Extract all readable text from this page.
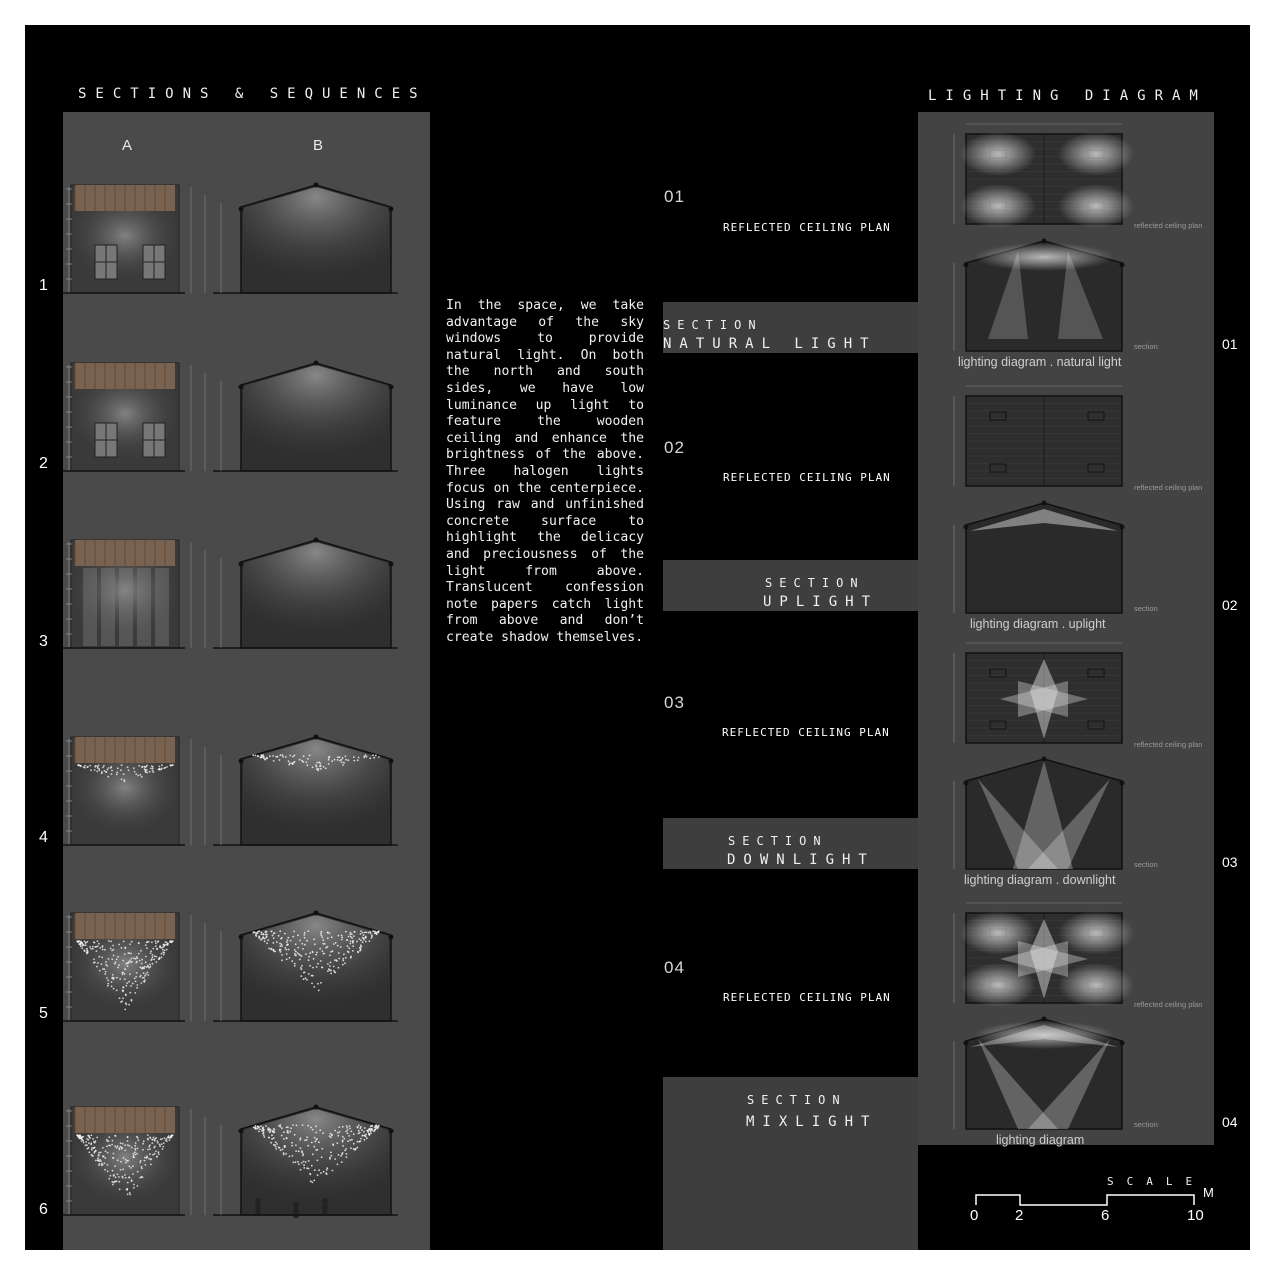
SECTIONS & SEQUENCES	LIGHTING DIAGRAM
A	B
1
2
3
4
5
6
In the space, we take advantage of the sky windows to provide natural light. On both the north and south sides, we have low luminance up light to feature the wooden ceiling and enhance the brightness of the above. Three halogen lights focus on the centerpiece. Using raw and unfinished concrete surface to highlight the delicacy and preciousness of the light from above. Translucent confession note papers catch light from above and don’t create shadow themselves.
01
REFLECTED CEILING PLAN
SECTION
NATURAL LIGHT
02
REFLECTED CEILING PLAN
SECTION
UPLIGHT
03
REFLECTED CEILING PLAN
SECTION
DOWNLIGHT
04
REFLECTED CEILING PLAN
SECTION
MIXLIGHT
reflected ceiling plan
section
lighting diagram . natural light
reflected ceiling plan
section
lighting diagram . uplight
reflected ceiling plan
section
lighting diagram . downlight
reflected ceiling plan
section
lighting diagram
01
02
03
04
SCALE
M
0 2	6	10
